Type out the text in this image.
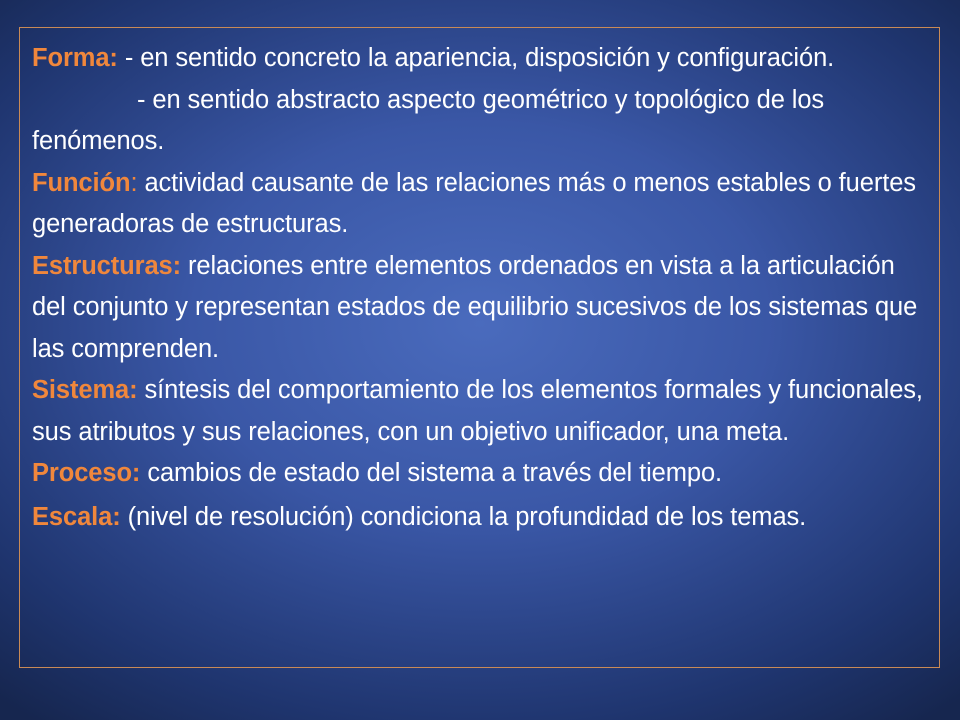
Forma: - en sentido concreto la apariencia, disposición y configuración.
- en sentido abstracto aspecto geométrico y topológico de los fenómenos.

Función: actividad causante de las relaciones más o menos estables o fuertes generadoras de estructuras.

Estructuras: relaciones entre elementos ordenados en vista a la articulación del conjunto y representan estados de equilibrio sucesivos de los sistemas que las comprenden.

Sistema: síntesis del comportamiento de los elementos formales y funcionales, sus atributos y sus relaciones, con un objetivo unificador, una meta.

Proceso: cambios de estado del sistema a través del tiempo.

Escala: (nivel de resolución) condiciona la profundidad de los temas.
